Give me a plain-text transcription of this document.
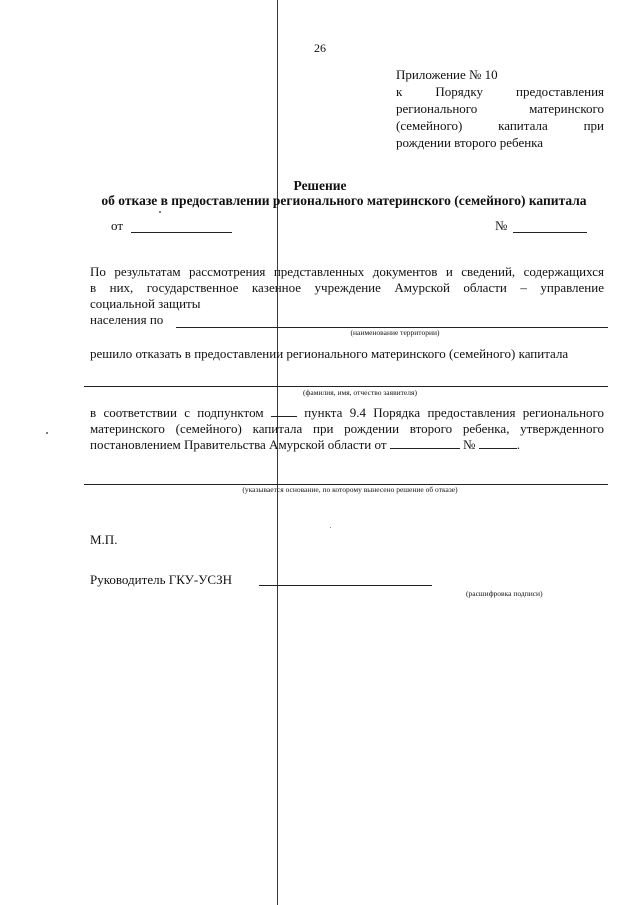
26
Приложение № 10
к Порядку предоставления
регионального материнского
(семейного) капитала при
рождении второго ребенка
Решение
об отказе в предоставлении регионального материнского (семейного) капитала
от	№
По результатам рассмотрения представленных документов и сведений, содержащихся
в них, государственное казенное учреждение Амурской области – управление
социальной защиты
населения по
(наименование территории)
решило отказать в предоставлении регионального материнского (семейного) капитала
(фамилия, имя, отчество заявителя)
в соответствии с подпунктом	пункта 9.4 Порядка предоставления регионального
материнского (семейного) капитала при рождении второго ребенка, утвержденного
постановлением Правительства Амурской области от	№	.
(указывается основание, по которому вынесено решение об отказе)
М.П.
Руководитель ГКУ-УСЗН
(расшифровка подписи)
